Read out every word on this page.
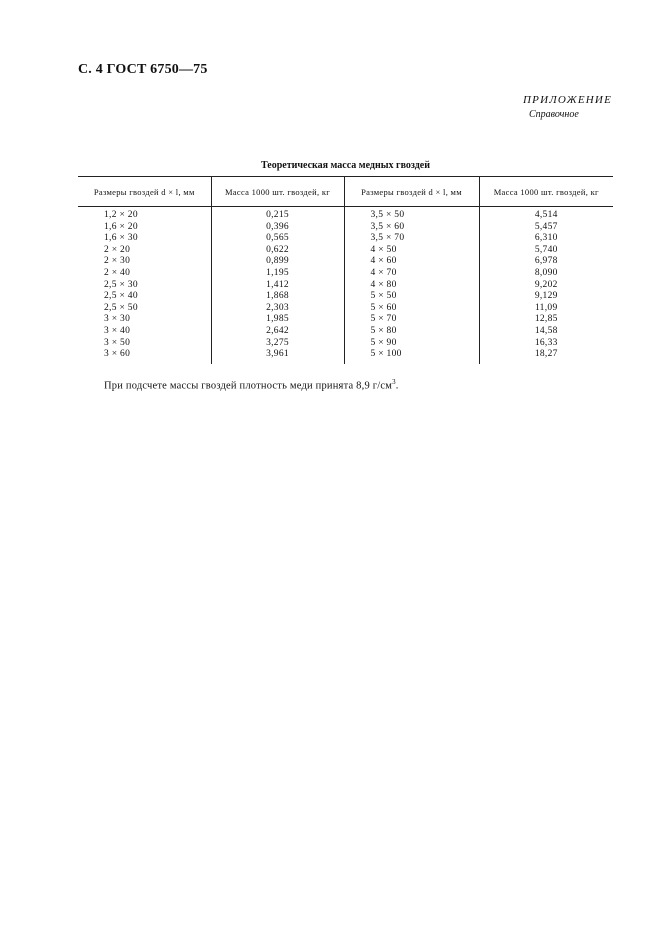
С. 4 ГОСТ 6750—75
ПРИЛОЖЕНИЕ
Справочное
Теоретическая масса медных гвоздей
Размеры гвоздей d × l, мм	Масса 1000 шт. гвоздей, кг	Размеры гвоздей d × l, мм	Масса 1000 шт. гвоздей, кг
1,2 × 20	0,215	3,5 × 50	4,514
1,6 × 20	0,396	3,5 × 60	5,457
1,6 × 30	0,565	3,5 × 70	6,310
2 × 20	0,622	4 × 50	5,740
2 × 30	0,899	4 × 60	6,978
2 × 40	1,195	4 × 70	8,090
2,5 × 30	1,412	4 × 80	9,202
2,5 × 40	1,868	5 × 50	9,129
2,5 × 50	2,303	5 × 60	11,09
3 × 30	1,985	5 × 70	12,85
3 × 40	2,642	5 × 80	14,58
3 × 50	3,275	5 × 90	16,33
3 × 60	3,961	5 × 100	18,27
При подсчете массы гвоздей плотность меди принята 8,9 $г/см^3$.
